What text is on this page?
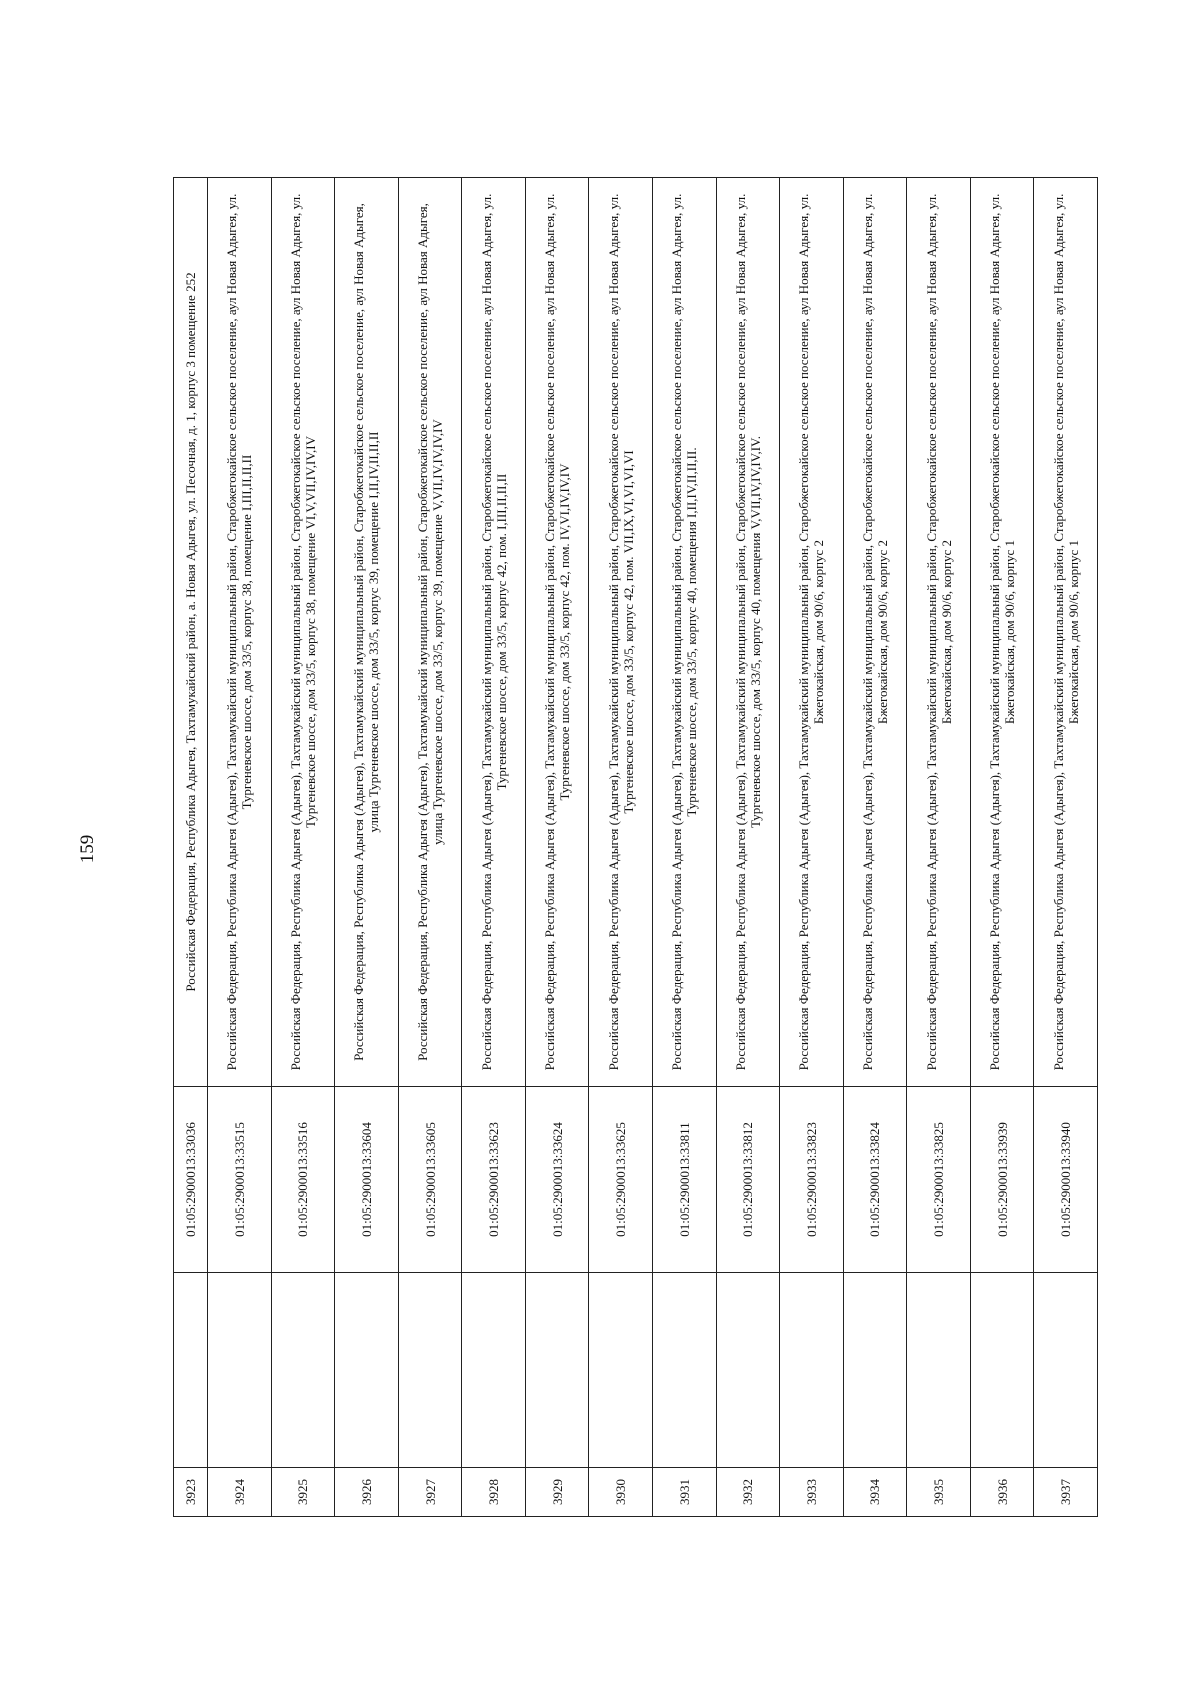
159
3923		01:05:2900013:33036	Российская Федерация, Республика Адыгея, Тахтамукайский район, а. Новая Адыгея, ул. Песочная, д. 1, корпус 3 помещение 252
3924		01:05:2900013:33515	Российская Федерация, Республика Адыгея (Адыгея), Тахтамукайский муниципальный район, Старобжегокайское сельское поселение, аул Новая Адыгея, ул. Тургеневское шоссе, дом 33/5, корпус 38, помещение I,III,II,II,II
3925		01:05:2900013:33516	Российская Федерация, Республика Адыгея (Адыгея), Тахтамукайский муниципальный район, Старобжегокайское сельское поселение, аул Новая Адыгея, ул. Тургеневское шоссе, дом 33/5, корпус 38, помещение VI,V,VII,IV,IV,IV
3926		01:05:2900013:33604	Российская Федерация, Республика Адыгея (Адыгея), Тахтамукайский муниципальный район, Старобжегокайское сельское поселение, аул Новая Адыгея, улица Тургеневское шоссе, дом 33/5, корпус 39, помещение I,II,IV,II,II,II
3927		01:05:2900013:33605	Российская Федерация, Республика Адыгея (Адыгея), Тахтамукайский муниципальный район, Старобжегокайское сельское поселение, аул Новая Адыгея, улица Тургеневское шоссе, дом 33/5, корпус 39, помещение V,VII,IV,IV,IV,IV
3928		01:05:2900013:33623	Российская Федерация, Республика Адыгея (Адыгея), Тахтамукайский муниципальный район, Старобжегокайское сельское поселение, аул Новая Адыгея, ул. Тургеневское шоссе, дом 33/5, корпус 42, пом. I,III,II,II,II
3929		01:05:2900013:33624	Российская Федерация, Республика Адыгея (Адыгея), Тахтамукайский муниципальный район, Старобжегокайское сельское поселение, аул Новая Адыгея, ул. Тургеневское шоссе, дом 33/5, корпус 42, пом. IV,VI,IV,IV,IV
3930		01:05:2900013:33625	Российская Федерация, Республика Адыгея (Адыгея), Тахтамукайский муниципальный район, Старобжегокайское сельское поселение, аул Новая Адыгея, ул. Тургеневское шоссе, дом 33/5, корпус 42, пом. VII,IX,VI,VI,VI,VI
3931		01:05:2900013:33811	Российская Федерация, Республика Адыгея (Адыгея), Тахтамукайский муниципальный район, Старобжегокайское сельское поселение, аул Новая Адыгея, ул. Тургеневское шоссе, дом 33/5, корпус 40, помещения I,II,IV,II,II,II.
3932		01:05:2900013:33812	Российская Федерация, Республика Адыгея (Адыгея), Тахтамукайский муниципальный район, Старобжегокайское сельское поселение, аул Новая Адыгея, ул. Тургеневское шоссе, дом 33/5, корпус 40, помещения V,VII,IV,IV,IV,IV.
3933		01:05:2900013:33823	Российская Федерация, Республика Адыгея (Адыгея), Тахтамукайский муниципальный район, Старобжегокайское сельское поселение, аул Новая Адыгея, ул. Бжегокайская, дом 90/6, корпус 2
3934		01:05:2900013:33824	Российская Федерация, Республика Адыгея (Адыгея), Тахтамукайский муниципальный район, Старобжегокайское сельское поселение, аул Новая Адыгея, ул. Бжегокайская, дом 90/6, корпус 2
3935		01:05:2900013:33825	Российская Федерация, Республика Адыгея (Адыгея), Тахтамукайский муниципальный район, Старобжегокайское сельское поселение, аул Новая Адыгея, ул. Бжегокайская, дом 90/6, корпус 2
3936		01:05:2900013:33939	Российская Федерация, Республика Адыгея (Адыгея), Тахтамукайский муниципальный район, Старобжегокайское сельское поселение, аул Новая Адыгея, ул. Бжегокайская, дом 90/6, корпус 1
3937		01:05:2900013:33940	Российская Федерация, Республика Адыгея (Адыгея), Тахтамукайский муниципальный район, Старобжегокайское сельское поселение, аул Новая Адыгея, ул. Бжегокайская, дом 90/6, корпус 1
